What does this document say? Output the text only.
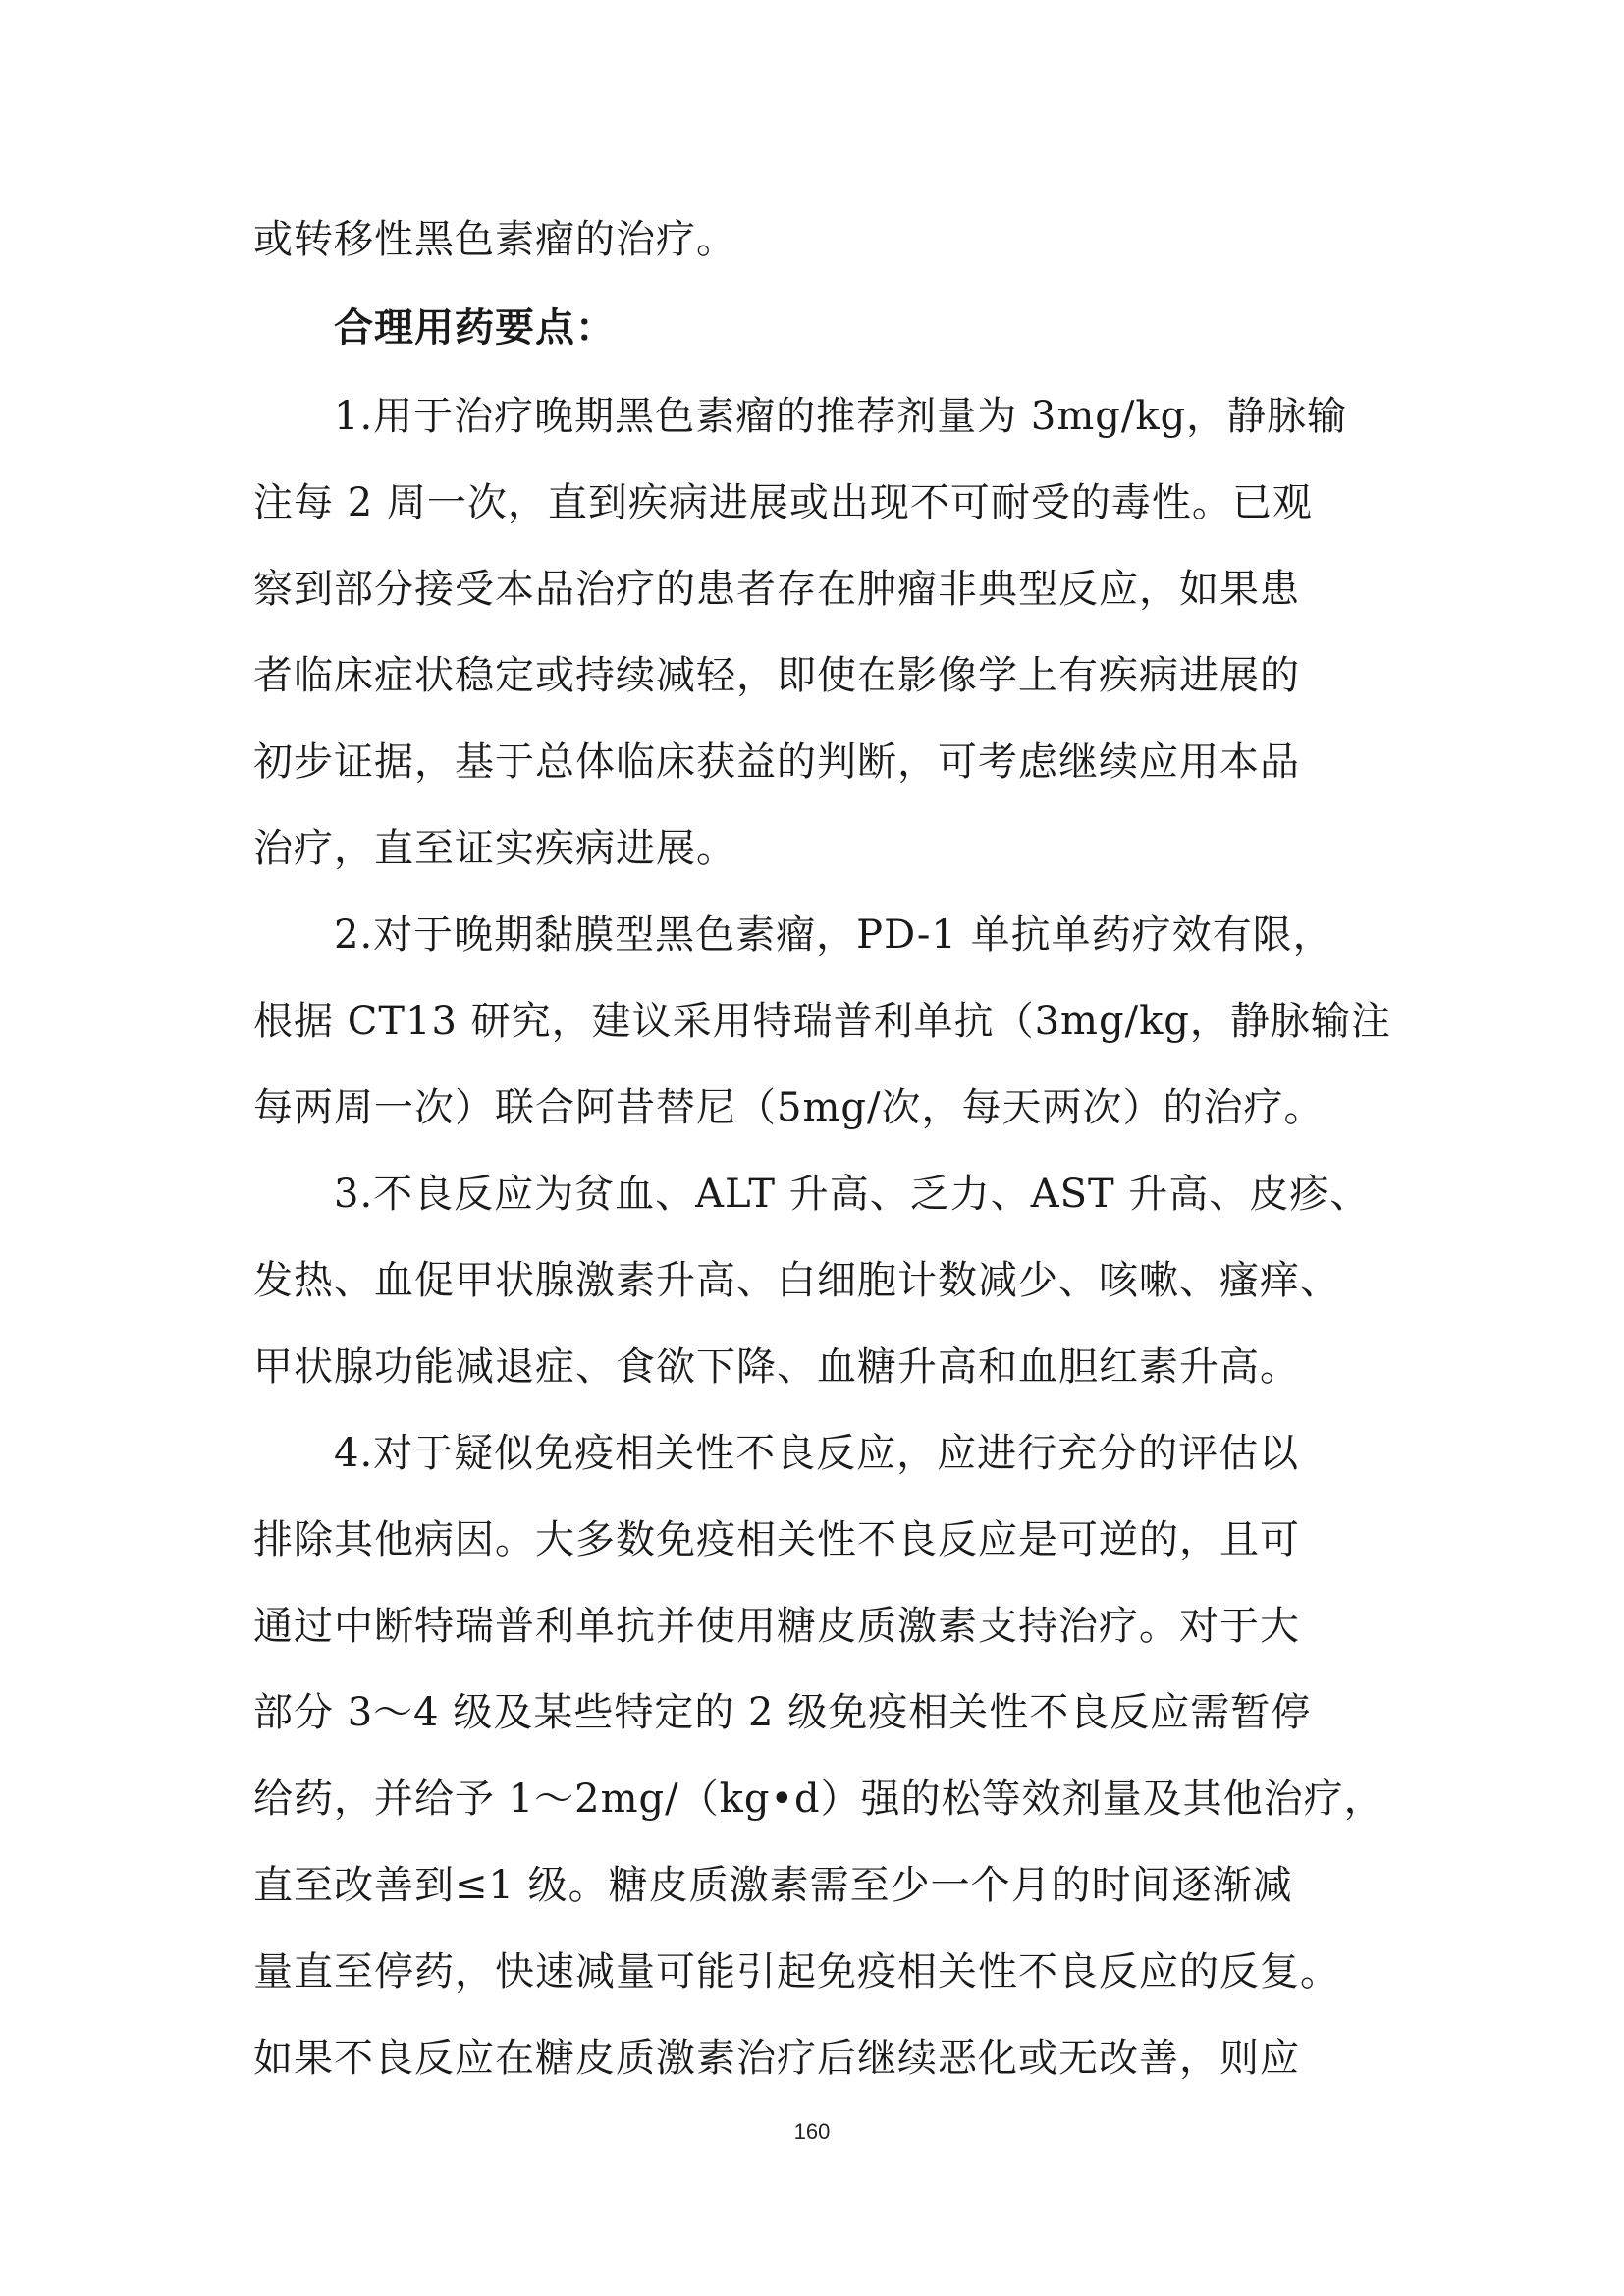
或转移性黑色素瘤的治疗。
合理用药要点：
1.用于治疗晚期黑色素瘤的推荐剂量为 3mg/kg，静脉输
注每 2 周一次，直到疾病进展或出现不可耐受的毒性。已观
察到部分接受本品治疗的患者存在肿瘤非典型反应，如果患
者临床症状稳定或持续减轻，即使在影像学上有疾病进展的
初步证据，基于总体临床获益的判断，可考虑继续应用本品
治疗，直至证实疾病进展。
2.对于晚期黏膜型黑色素瘤，PD-1 单抗单药疗效有限，
根据 CT13 研究，建议采用特瑞普利单抗（3mg/kg，静脉输注
每两周一次）联合阿昔替尼（5mg/次，每天两次）的治疗。
3.不良反应为贫血、ALT 升高、乏力、AST 升高、皮疹、
发热、血促甲状腺激素升高、白细胞计数减少、咳嗽、瘙痒、
甲状腺功能减退症、食欲下降、血糖升高和血胆红素升高。
4.对于疑似免疫相关性不良反应，应进行充分的评估以
排除其他病因。大多数免疫相关性不良反应是可逆的，且可
通过中断特瑞普利单抗并使用糖皮质激素支持治疗。对于大
部分 3～4 级及某些特定的 2 级免疫相关性不良反应需暂停
给药，并给予 1～2mg/（kg•d）强的松等效剂量及其他治疗，
直至改善到≤1 级。糖皮质激素需至少一个月的时间逐渐减
量直至停药，快速减量可能引起免疫相关性不良反应的反复。
如果不良反应在糖皮质激素治疗后继续恶化或无改善，则应
160
